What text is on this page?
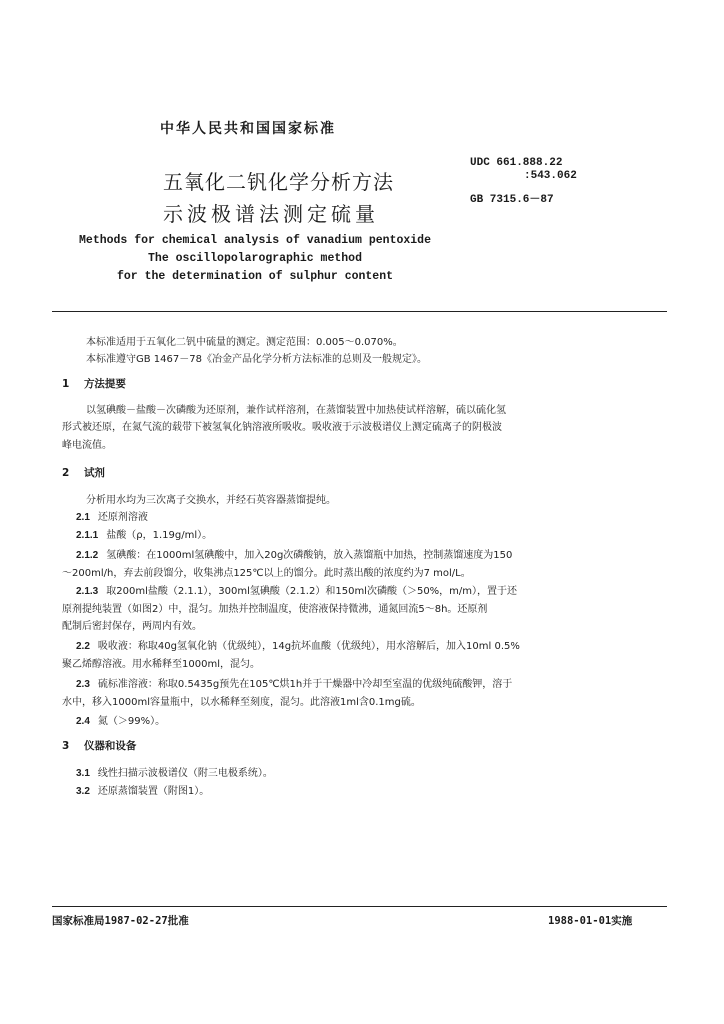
中华人民共和国国家标准
UDC 661.888.22
:543.062
GB 7315.6－87
五氧化二钒化学分析方法
示波极谱法测定硫量
Methods for chemical analysis of vanadium pentoxide
The oscillopolarographic method
for the determination of sulphur content
本标准适用于五氧化二钒中硫量的测定。测定范围：0.005～0.070%。
本标准遵守GB 1467－78《冶金产品化学分析方法标准的总则及一般规定》。
1 方法提要
以氢碘酸－盐酸－次磷酸为还原剂，兼作试样溶剂，在蒸馏装置中加热使试样溶解，硫以硫化氢
形式被还原，在氮气流的载带下被氢氧化钠溶液所吸收。吸收液于示波极谱仪上测定硫离子的阴极波
峰电流值。
2 试剂
分析用水均为三次离子交换水，并经石英容器蒸馏提纯。
2.1 还原剂溶液
2.1.1 盐酸（ρ，1.19g/ml）。
2.1.2 氢碘酸：在1000ml氢碘酸中，加入20g次磷酸钠，放入蒸馏瓶中加热，控制蒸馏速度为150
～200ml/h，弃去前段馏分，收集沸点125℃以上的馏分。此时蒸出酸的浓度约为7 mol/L。
2.1.3 取200ml盐酸（2.1.1），300ml氢碘酸（2.1.2）和150ml次磷酸（＞50%，m/m），置于还
原剂提纯装置（如图2）中，混匀。加热并控制温度，使溶液保持微沸，通氮回流5～8h。还原剂
配制后密封保存，两周内有效。
2.2 吸收液：称取40g氢氧化钠（优级纯），14g抗坏血酸（优级纯），用水溶解后，加入10ml 0.5%
聚乙烯醇溶液。用水稀释至1000ml，混匀。
2.3 硫标准溶液：称取0.5435g预先在105℃烘1h并于干燥器中冷却至室温的优级纯硫酸钾，溶于
水中，移入1000ml容量瓶中，以水稀释至刻度，混匀。此溶液1ml含0.1mg硫。
2.4 氮（＞99%）。
3 仪器和设备
3.1 线性扫描示波极谱仪（附三电极系统）。
3.2 还原蒸馏装置（附图1）。
国家标准局1987-02-27批准	1988-01-01实施
